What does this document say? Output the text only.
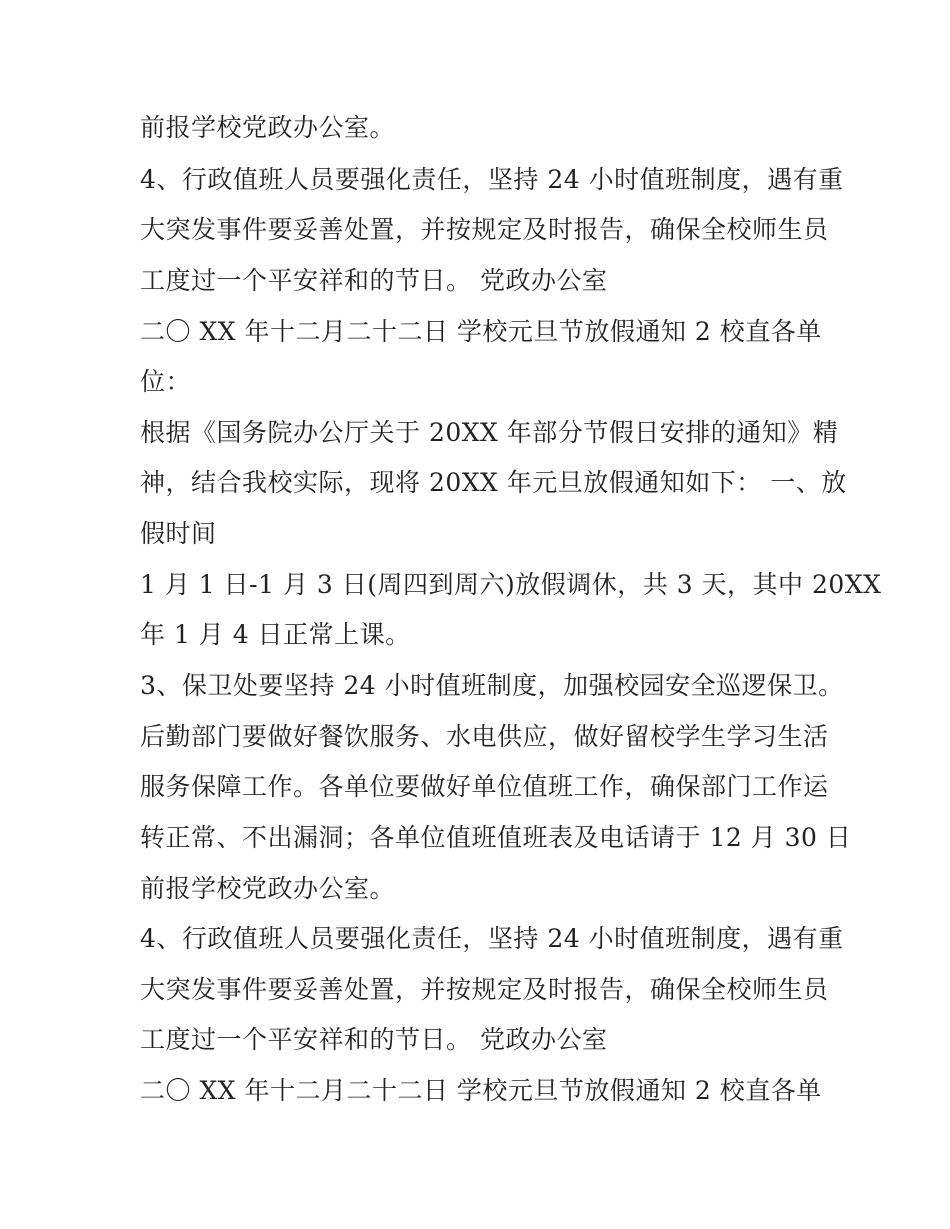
前报学校党政办公室。
4、行政值班人员要强化责任，坚持 24 小时值班制度，遇有重
大突发事件要妥善处置，并按规定及时报告，确保全校师生员
工度过一个平安祥和的节日。 党政办公室
二〇 XX 年十二月二十二日 学校元旦节放假通知 2 校直各单
位：
根据《国务院办公厅关于 20XX 年部分节假日安排的通知》精
神，结合我校实际，现将 20XX 年元旦放假通知如下： 一、放
假时间
1 月 1 日-1 月 3 日(周四到周六)放假调休，共 3 天，其中 20XX
年 1 月 4 日正常上课。
3、保卫处要坚持 24 小时值班制度，加强校园安全巡逻保卫。
后勤部门要做好餐饮服务、水电供应，做好留校学生学习生活
服务保障工作。各单位要做好单位值班工作，确保部门工作运
转正常、不出漏洞；各单位值班值班表及电话请于 12 月 30 日
前报学校党政办公室。
4、行政值班人员要强化责任，坚持 24 小时值班制度，遇有重
大突发事件要妥善处置，并按规定及时报告，确保全校师生员
工度过一个平安祥和的节日。 党政办公室
二〇 XX 年十二月二十二日 学校元旦节放假通知 2 校直各单
